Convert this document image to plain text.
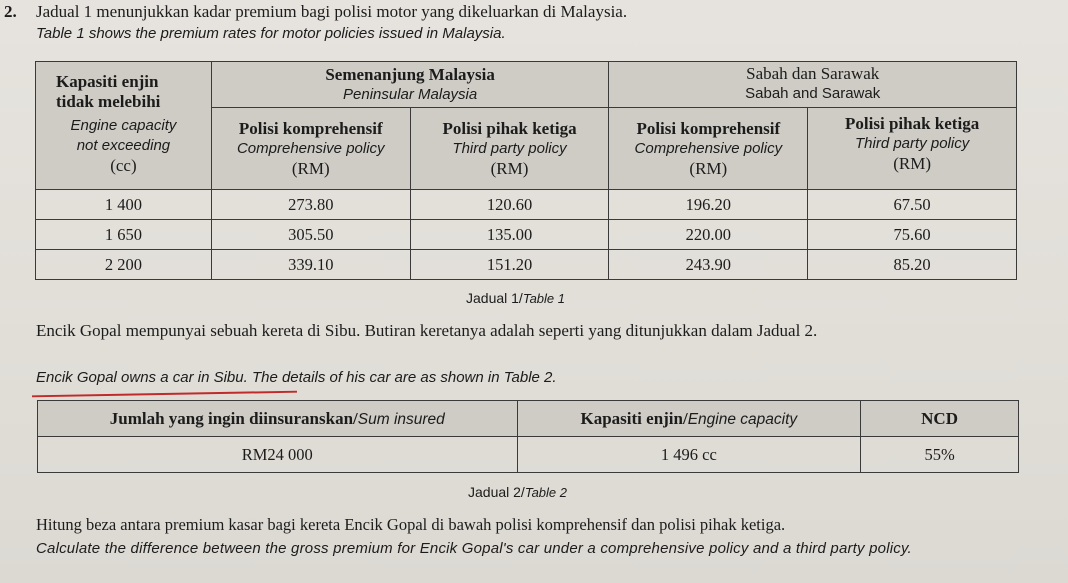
2. Jadual 1 menunjukkan kadar premium bagi polisi motor yang dikeluarkan di Malaysia.
Table 1 shows the premium rates for motor policies issued in Malaysia.
Kapasiti enjin
tidak melebihi
Engine capacity
not exceeding
(cc)	Semenanjung Malaysia
Peninsular Malaysia		Sabah dan Sarawak
Sabah and Sarawak	

	Polisi komprehensif
Comprehensive policy
(RM)	Polisi pihak ketiga
Third party policy
(RM)	Polisi komprehensif
Comprehensive policy
(RM)	Polisi pihak ketiga
Third party policy
(RM)

1 400	273.80	120.60	196.20	67.50
1 650	305.50	135.00	220.00	75.60
2 200	339.10	151.20	243.90	85.20
Jadual 1/Table 1
Encik Gopal mempunyai sebuah kereta di Sibu. Butiran keretanya adalah seperti yang ditunjukkan dalam Jadual 2.
Encik Gopal owns a car in Sibu. The details of his car are as shown in Table 2.
Jumlah yang ingin diinsuranskan/Sum insured	Kapasiti enjin/Engine capacity	NCD
RM24 000	1 496 cc	55%
Jadual 2/Table 2
Hitung beza antara premium kasar bagi kereta Encik Gopal di bawah polisi komprehensif dan polisi pihak ketiga.
Calculate the difference between the gross premium for Encik Gopal's car under a comprehensive policy and a third party policy.
